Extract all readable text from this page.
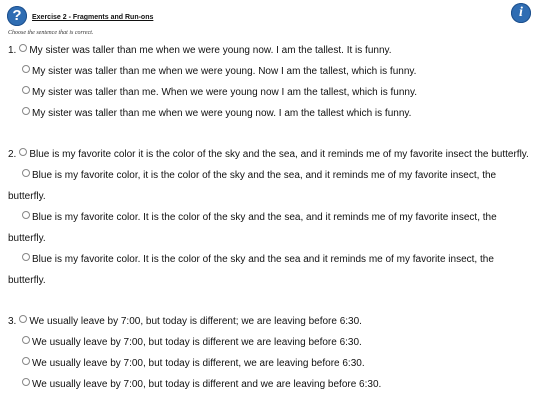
?	Exercise 2 - Fragments and Run-ons
Choose the sentence that is correct.
i
1. My sister was taller than me when we were young now. I am the tallest. It is funny.
My sister was taller than me when we were young. Now I am the tallest, which is funny.
My sister was taller than me. When we were young now I am the tallest, which is funny.
My sister was taller than me when we were young now. I am the tallest which is funny.
2. Blue is my favorite color it is the color of the sky and the sea, and it reminds me of my favorite insect the butterfly.
Blue is my favorite color, it is the color of the sky and the sea, and it reminds me of my favorite insect, the
butterfly.
Blue is my favorite color. It is the color of the sky and the sea, and it reminds me of my favorite insect, the
butterfly.
Blue is my favorite color. It is the color of the sky and the sea and it reminds me of my favorite insect, the
butterfly.
3. We usually leave by 7:00, but today is different; we are leaving before 6:30.
We usually leave by 7:00, but today is different we are leaving before 6:30.
We usually leave by 7:00, but today is different, we are leaving before 6:30.
We usually leave by 7:00, but today is different and we are leaving before 6:30.
